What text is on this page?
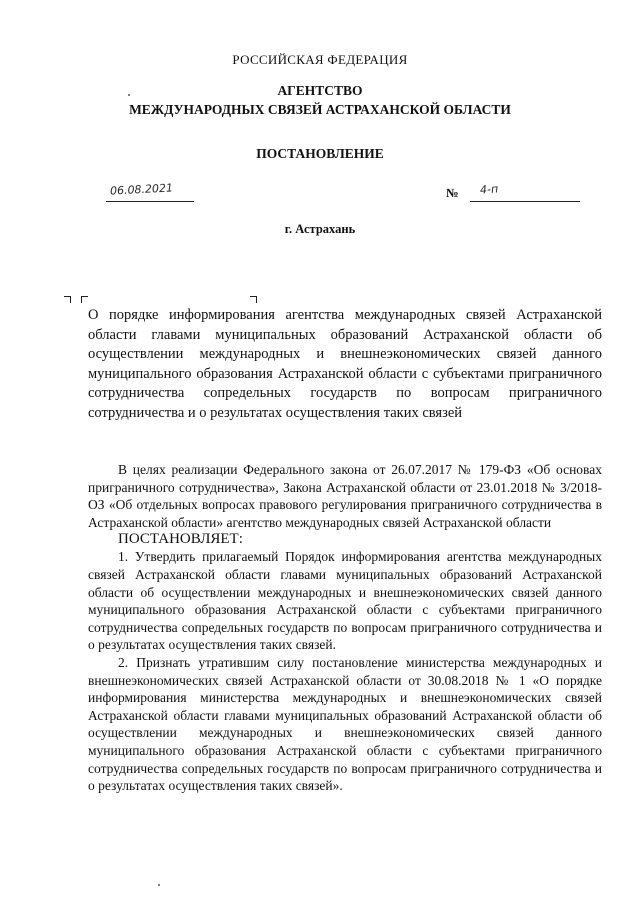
РОССИЙСКАЯ ФЕДЕРАЦИЯ
АГЕНТСТВО
МЕЖДУНАРОДНЫХ СВЯЗЕЙ АСТРАХАНСКОЙ ОБЛАСТИ
ПОСТАНОВЛЕНИЕ
06.08.2021	№ 4-п
г. Астрахань
О порядке информирования агентства международных связей Астраханской области главами муниципальных образований Астраханской области об осуществлении международных и внешнеэкономических связей данного муниципального образования Астраханской области с субъектами приграничного сотрудничества сопредельных государств по вопросам приграничного сотрудничества и о результатах осуществления таких связей

В целях реализации Федерального закона от 26.07.2017 № 179-ФЗ «Об основах приграничного сотрудничества», Закона Астраханской области от 23.01.2018 № 3/2018-ОЗ «Об отдельных вопросах правового регулирования приграничного сотрудничества в Астраханской области» агентство международных связей Астраханской области

ПОСТАНОВЛЯЕТ:

1. Утвердить прилагаемый Порядок информирования агентства международных связей Астраханской области главами муниципальных образований Астраханской области об осуществлении международных и внешнеэкономических связей данного муниципального образования Астраханской области с субъектами приграничного сотрудничества сопредельных государств по вопросам приграничного сотрудничества и о результатах осуществления таких связей.

2. Признать утратившим силу постановление министерства международных и внешнеэкономических связей Астраханской области от 30.08.2018 № 1 «О порядке информирования министерства международных и внешнеэкономических связей Астраханской области главами муниципальных образований Астраханской области об осуществлении международных и внешнеэкономических связей данного муниципального образования Астраханской области с субъектами приграничного сотрудничества сопредельных государств по вопросам приграничного сотрудничества и о результатах осуществления таких связей».
